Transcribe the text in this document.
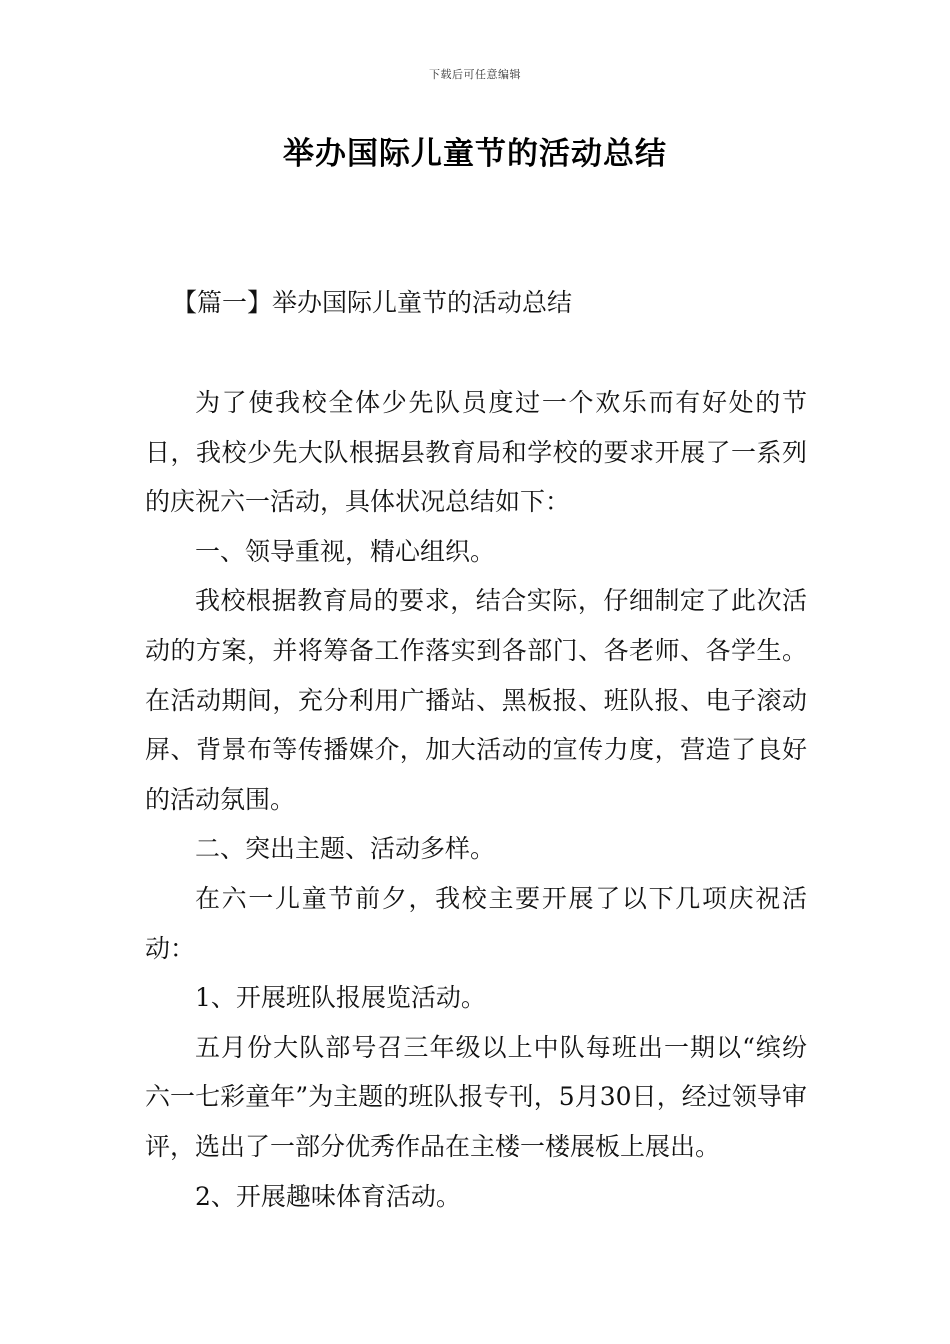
下载后可任意编辑
举办国际儿童节的活动总结
【篇一】举办国际儿童节的活动总结

为了使我校全体少先队员度过一个欢乐而有好处的节日，我校少先大队根据县教育局和学校的要求开展了一系列的庆祝六一活动，具体状况总结如下：

一、领导重视，精心组织。

我校根据教育局的要求，结合实际，仔细制定了此次活动的方案，并将筹备工作落实到各部门、各老师、各学生。在活动期间，充分利用广播站、黑板报、班队报、电子滚动屏、背景布等传播媒介，加大活动的宣传力度，营造了良好的活动氛围。

二、突出主题、活动多样。

在六一儿童节前夕，我校主要开展了以下几项庆祝活动：

1、开展班队报展览活动。

五月份大队部号召三年级以上中队每班出一期以“缤纷六一七彩童年”为主题的班队报专刊，5月30日，经过领导审评，选出了一部分优秀作品在主楼一楼展板上展出。

2、开展趣味体育活动。
